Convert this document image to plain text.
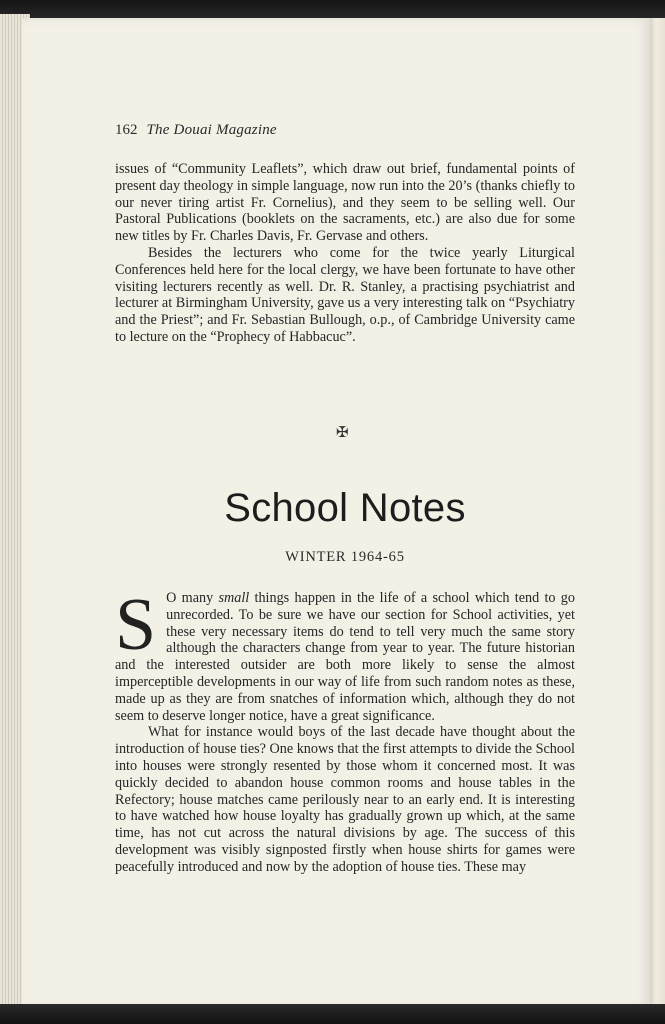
162 The Douai Magazine

issues of “Community Leaflets”, which draw out brief, fundamental points of present day theology in simple language, now run into the 20’s (thanks chiefly to our never tiring artist Fr. Cornelius), and they seem to be selling well. Our Pastoral Publications (booklets on the sacraments, etc.) are also due for some new titles by Fr. Charles Davis, Fr. Gervase and others.

Besides the lecturers who come for the twice yearly Liturgical Conferences held here for the local clergy, we have been fortunate to have other visiting lecturers recently as well. Dr. R. Stanley, a practising psychiatrist and lecturer at Birmingham University, gave us a very interesting talk on “Psychiatry and the Priest”; and Fr. Sebastian Bullough, o.p., of Cambridge University came to lecture on the “Prophecy of Habbacuc”.

✠
School Notes
WINTER 1964-65

S O many small things happen in the life of a school which tend to go unrecorded. To be sure we have our section for School activities, yet these very necessary items do tend to tell very much the same story although the characters change from year to year. The future historian and the interested outsider are both more likely to sense the almost imperceptible developments in our way of life from such random notes as these, made up as they are from snatches of information which, although they do not seem to deserve longer notice, have a great significance.

What for instance would boys of the last decade have thought about the introduction of house ties? One knows that the first attempts to divide the School into houses were strongly resented by those whom it concerned most. It was quickly decided to abandon house common rooms and house tables in the Refectory; house matches came perilously near to an early end. It is interesting to have watched how house loyalty has gradually grown up which, at the same time, has not cut across the natural divisions by age. The success of this development was visibly signposted firstly when house shirts for games were peacefully introduced and now by the adoption of house ties. These may
